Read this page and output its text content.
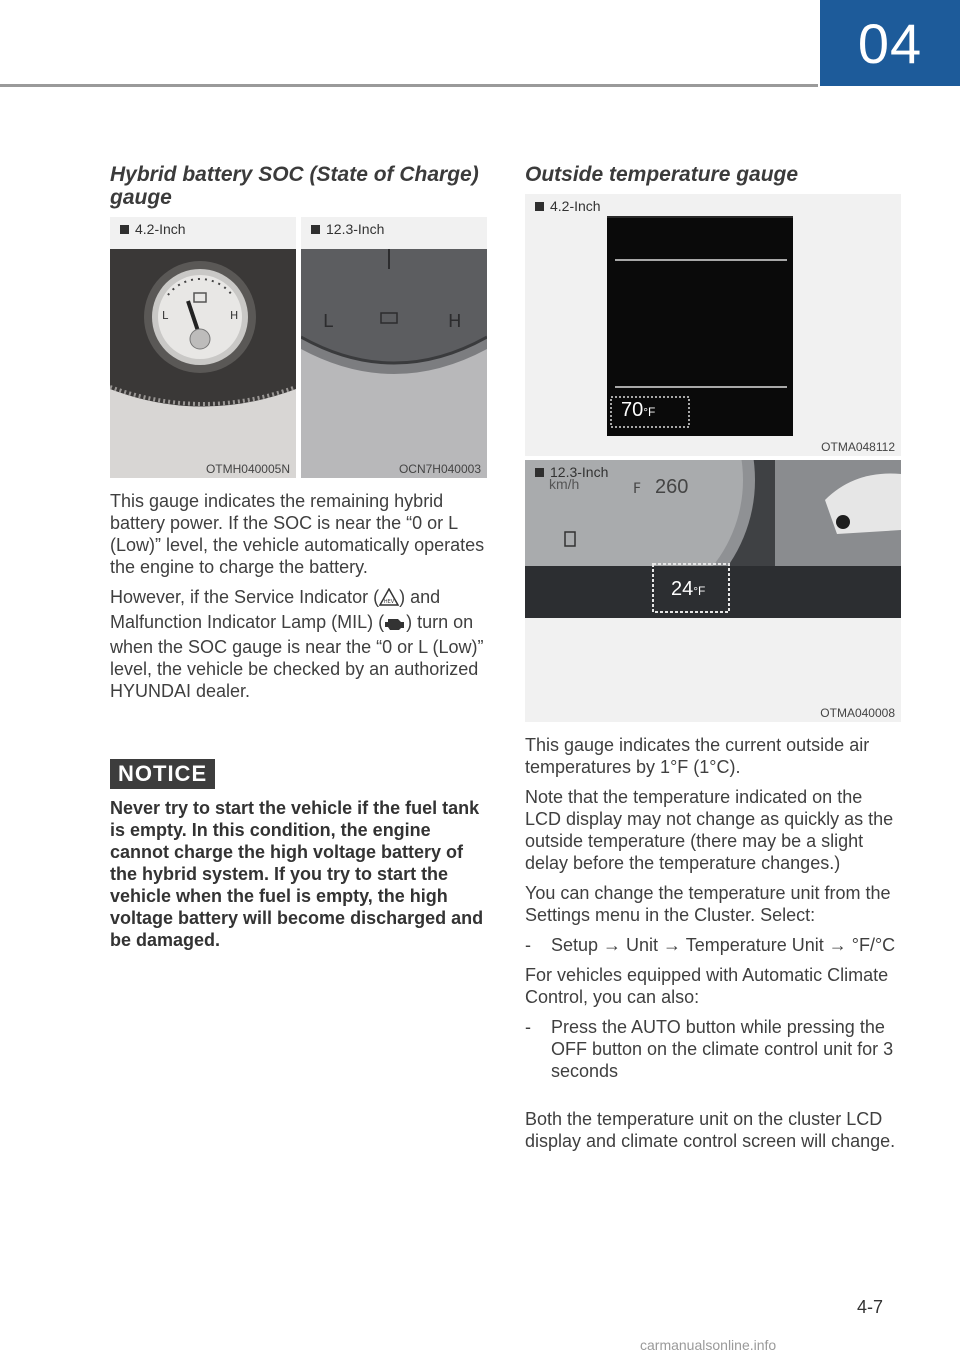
04
Hybrid battery SOC (State of Charge) gauge
4.2-Inch
L	H
OTMH040005N
12.3-Inch
L	H
OCN7H040003

This gauge indicates the remaining hybrid battery power. If the SOC is near the “0 or L (Low)” level, the vehicle automatically operates the engine to charge the battery.

However, if the Service Indicator ( HEV ) and Malfunction Indicator Lamp (MIL) ( ) turn on when the SOC gauge is near the “0 or L (Low)” level, the vehicle be checked by an authorized HYUNDAI dealer.

NOTICE
Never try to start the vehicle if the fuel tank is empty. In this condition, the engine cannot charge the high voltage battery of the hybrid system. If you try to start the vehicle when the fuel is empty, the high voltage battery will become discharged and be damaged.
Outside temperature gauge
4.2-Inch
70°F
OTMA048112
F
12.3-Inch
km/h	260
24°F
OTMA040008

This gauge indicates the current outside air temperatures by 1°F (1°C).

Note that the temperature indicated on the LCD display may not change as quickly as the outside temperature (there may be a slight delay before the temperature changes.)

You can change the temperature unit from the Settings menu in the Cluster. Select:

-	Setup → Unit → Temperature Unit → °F/°C

For vehicles equipped with Automatic Climate Control, you can also:

-	Press the AUTO button while pressing the OFF button on the climate control unit for 3 seconds

Both the temperature unit on the cluster LCD display and climate control screen will change.

4-7
carmanualsonline.info
